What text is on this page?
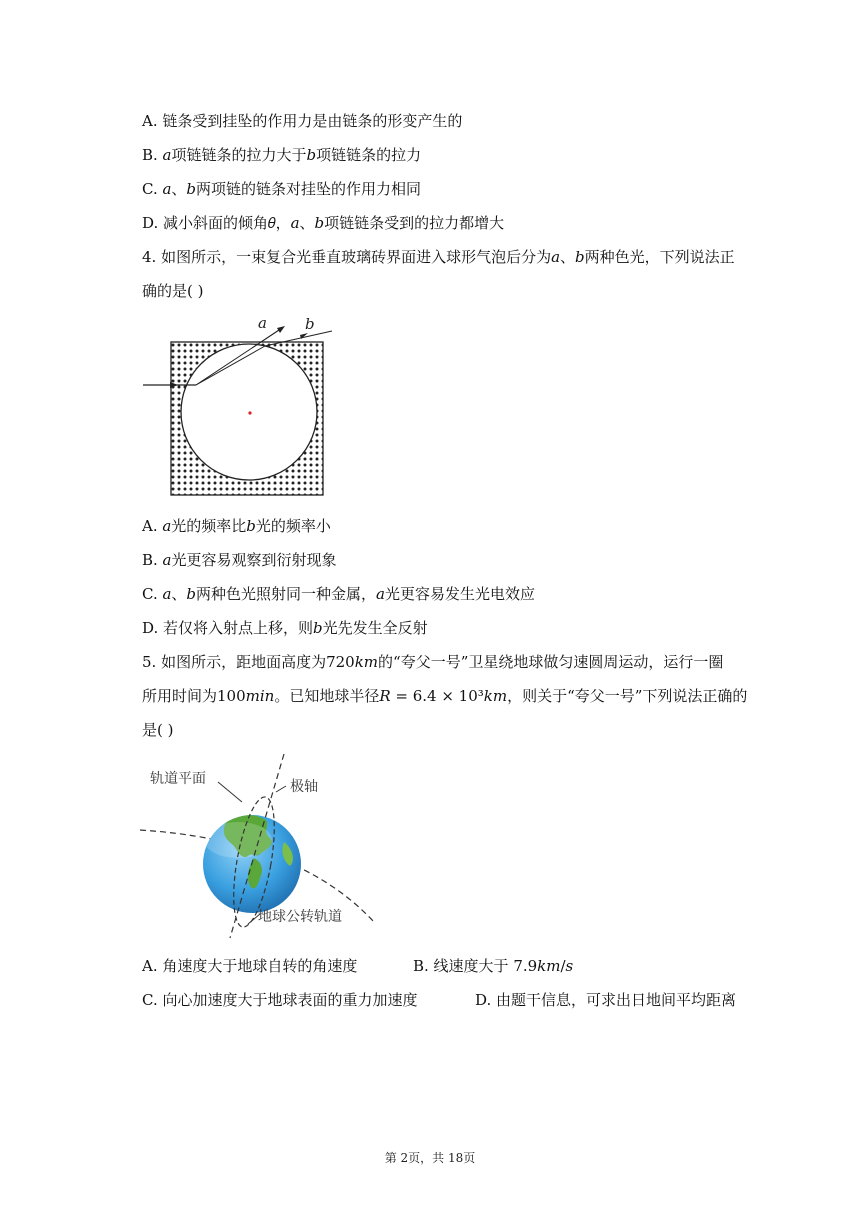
A. 链条受到挂坠的作用力是由链条的形变产生的
B. 𝑎项链链条的拉力大于𝑏项链链条的拉力
C. 𝑎、𝑏两项链的链条对挂坠的作用力相同
D. 减小斜面的倾角𝜃，𝑎、𝑏项链链条受到的拉力都增大
4. 如图所示，一束复合光垂直玻璃砖界面进入球形气泡后分为𝑎、𝑏两种色光，下列说法正
确的是( )
a	b
A. 𝑎光的频率比𝑏光的频率小
B. 𝑎光更容易观察到衍射现象
C. 𝑎、𝑏两种色光照射同一种金属，𝑎光更容易发生光电效应
D. 若仅将入射点上移，则𝑏光先发生全反射
5. 如图所示，距地面高度为720𝑘𝑚的“夸父一号”卫星绕地球做匀速圆周运动，运行一圈
所用时间为100𝑚𝑖𝑛。已知地球半径𝑅 = 6.4 × 10³𝑘𝑚，则关于“夸父一号”下列说法正确的
是( )
轨道平面	极轴
地球公转轨道
A. 角速度大于地球自转的角速度	B. 线速度大于 7.9𝑘𝑚/𝑠
C. 向心加速度大于地球表面的重力加速度	D. 由题干信息，可求出日地间平均距离
第 2页，共 18页
